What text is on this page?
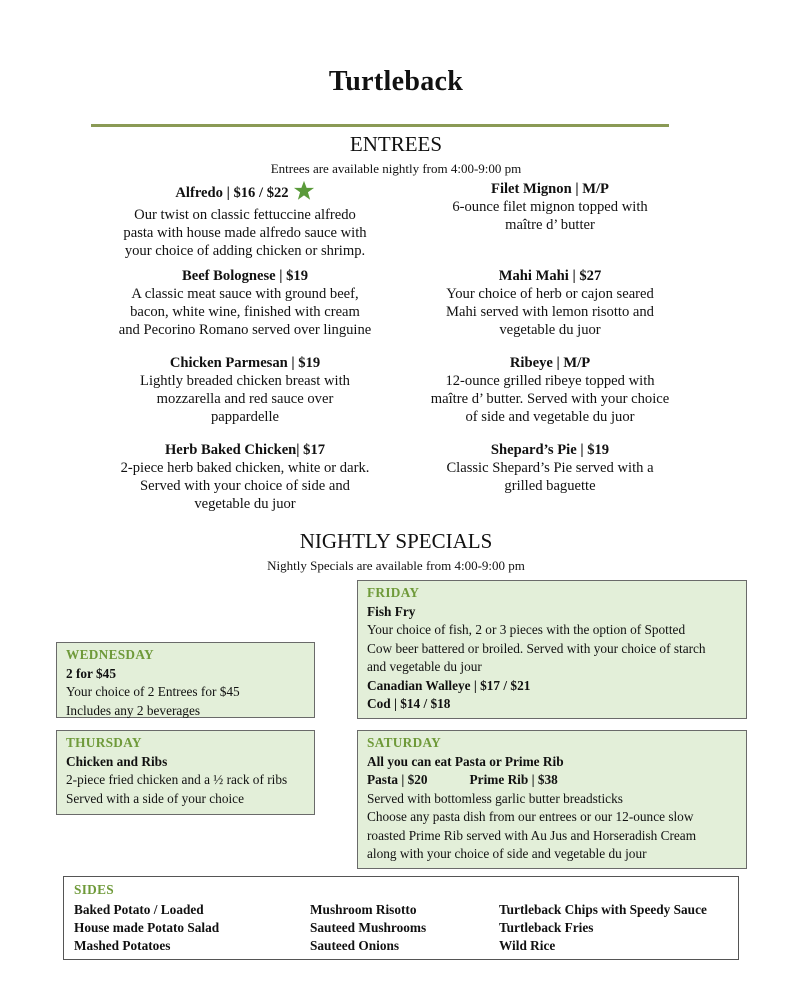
Turtleback
ENTREES
Entrees are available nightly from 4:00-9:00 pm
Alfredo | $16 / $22
Our twist on classic fettuccine alfredo
pasta with house made alfredo sauce with
your choice of adding chicken or shrimp.
Beef Bolognese | $19
A classic meat sauce with ground beef,
bacon, white wine, finished with cream
and Pecorino Romano served over linguine
Chicken Parmesan | $19
Lightly breaded chicken breast with
mozzarella and red sauce over
pappardelle
Herb Baked Chicken| $17
2-piece herb baked chicken, white or dark.
Served with your choice of side and
vegetable du juor
Filet Mignon | M/P
6-ounce filet mignon topped with
maître d’ butter
Mahi Mahi | $27
Your choice of herb or cajon seared
Mahi served with lemon risotto and
vegetable du juor
Ribeye | M/P
12-ounce grilled ribeye topped with
maître d’ butter. Served with your choice
of side and vegetable du juor
Shepard’s Pie | $19
Classic Shepard’s Pie served with a
grilled baguette
NIGHTLY SPECIALS
Nightly Specials are available from 4:00-9:00 pm
WEDNESDAY
2 for $45
Your choice of 2 Entrees for $45
Includes any 2 beverages
THURSDAY
Chicken and Ribs
2-piece fried chicken and a ½ rack of ribs
Served with a side of your choice
FRIDAY
Fish Fry
Your choice of fish, 2 or 3 pieces with the option of Spotted
Cow beer battered or broiled. Served with your choice of starch
and vegetable du jour
Canadian Walleye | $17 / $21
Cod | $14 / $18
SATURDAY
All you can eat Pasta or Prime Rib
Pasta | $20	Prime Rib | $38
Served with bottomless garlic butter breadsticks
Choose any pasta dish from our entrees or our 12-ounce slow
roasted Prime Rib served with Au Jus and Horseradish Cream
along with your choice of side and vegetable du jour
SIDES
Baked Potato / Loaded
House made Potato Salad
Mashed Potatoes
Mushroom Risotto
Sauteed Mushrooms
Sauteed Onions
Turtleback Chips with Speedy Sauce
Turtleback Fries
Wild Rice
